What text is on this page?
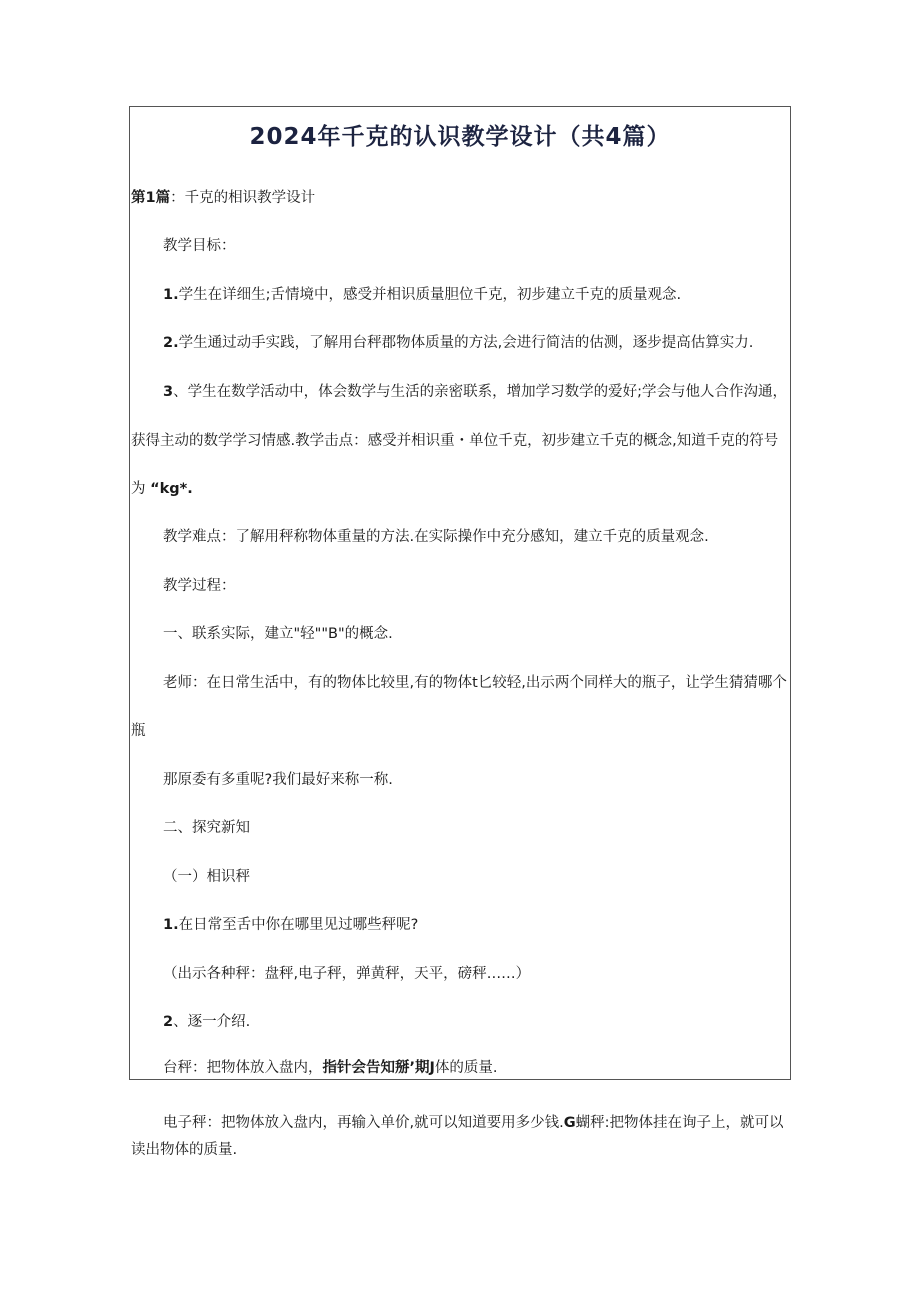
2024年千克的认识教学设计（共4篇）
第1篇：千克的相识教学设计
教学目标：
1.学生在详细生;舌情境中，感受并相识质量胆位千克，初步建立千克的质量观念.
2.学生通过动手实践，了解用台秤郡物体质量的方法,会进行简洁的估测，逐步提高估算实力.
3、学生在数学活动中，体会数学与生活的亲密联系，增加学习数学的爱好;学会与他人合作沟通，
获得主动的数学学习情感.教学击点：感受并相识重・单位千克，初步建立千克的概念,知道千克的符号
为 “kg*.
教学难点：了解用秤称物体重量的方法.在实际操作中充分感知，建立千克的质量观念.
教学过程：
一、联系实际，建立"轻""B"的概念.
老师：在日常生活中，有的物体比较里,有的物体t匕较轻,出示两个同样大的瓶子，让学生猜猜哪个
瓶
那原委有多重呢?我们最好来称一称.
二、探究新知
（一）相识秤
1.在日常至舌中你在哪里见过哪些秤呢?
（出示各种秤：盘秤,电子秤，弹黄秤，天平，磅秤……）
2、逐一介绍.
台秤：把物体放入盘内，指针会告知掰’期J体的质量.
电子秤：把物体放入盘内，再输入单价,就可以知道要用多少钱.G蝴秤:把物体挂在询子上，就可以
读出物体的质量.
